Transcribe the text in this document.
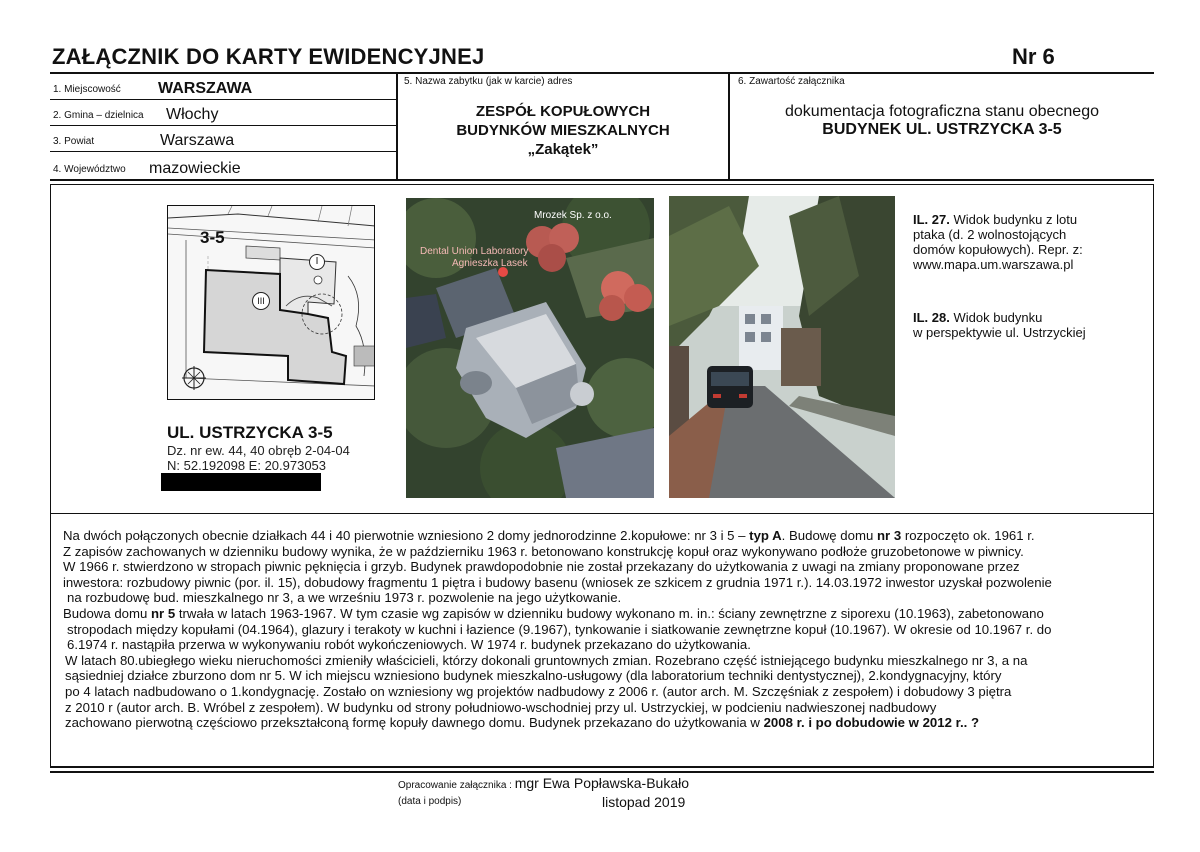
ZAŁĄCZNIK DO KARTY EWIDENCYJNEJ	Nr 6
1. Miejscowość WARSZAWA
2. Gmina – dzielnica Włochy
3. Powiat	Warszawa
4. Województwo mazowieckie
5. Nazwa zabytku (jak w karcie) adres
ZESPÓŁ KOPUŁOWYCH
BUDYNKÓW MIESZKALNYCH
„Zakątek”
6. Zawartość załącznika
dokumentacja fotograficzna stanu obecnego
BUDYNEK UL. USTRZYCKA 3-5
3-5
I
III
UL. USTRZYCKA 3-5
Dz. nr ew. 44, 40 obręb 2-04-04
N: 52.192098 E: 20.973053
Mrozek Sp. z o.o.
Dental Union Laboratory
Agnieszka Lasek
IL. 27. Widok budynku z lotu
ptaka (d. 2 wolnostojących
domów kopułowych). Repr. z:
www.mapa.um.warszawa.pl
IL. 28. Widok budynku
w perspektywie ul. Ustrzyckiej

Na dwóch połączonych obecnie działkach 44 i 40 pierwotnie wzniesiono 2 domy jednorodzinne 2.kopułowe: nr 3 i 5 – typ A. Budowę domu nr 3 rozpoczęto ok. 1961 r.

Z zapisów zachowanych w dzienniku budowy wynika, że w październiku 1963 r. betonowano konstrukcję kopuł oraz wykonywano podłoże gruzobetonowe w piwnicy.

W 1966 r. stwierdzono w stropach piwnic pęknięcia i grzyb. Budynek prawdopodobnie nie został przekazany do użytkowania z uwagi na zmiany proponowane przez

inwestora: rozbudowy piwnic (por. il. 15), dobudowy fragmentu 1 piętra i budowy basenu (wniosek ze szkicem z grudnia 1971 r.). 14.03.1972 inwestor uzyskał pozwolenie

na rozbudowę bud. mieszkalnego nr 3, a we wrześniu 1973 r. pozwolenie na jego użytkowanie.

Budowa domu nr 5 trwała w latach 1963-1967. W tym czasie wg zapisów w dzienniku budowy wykonano m. in.: ściany zewnętrzne z siporexu (10.1963), zabetonowano

stropodach między kopułami (04.1964), glazury i terakoty w kuchni i łazience (9.1967), tynkowanie i siatkowanie zewnętrzne kopuł (10.1967). W okresie od 10.1967 r. do

6.1974 r. nastąpiła przerwa w wykonywaniu robót wykończeniowych. W 1974 r. budynek przekazano do użytkowania.

W latach 80.ubiegłego wieku nieruchomości zmieniły właścicieli, którzy dokonali gruntownych zmian. Rozebrano część istniejącego budynku mieszkalnego nr 3, a na

sąsiedniej działce zburzono dom nr 5. W ich miejscu wzniesiono budynek mieszkalno-usługowy (dla laboratorium techniki dentystycznej), 2.kondygnacyjny, który

po 4 latach nadbudowano o 1.kondygnację. Zostało on wzniesiony wg projektów nadbudowy z 2006 r. (autor arch. M. Szczęśniak z zespołem) i dobudowy 3 piętra

z 2010 r (autor arch. B. Wróbel z zespołem). W budynku od strony południowo-wschodniej przy ul. Ustrzyckiej, w podcieniu nadwieszonej nadbudowy

zachowano pierwotną częściowo przekształconą formę kopuły dawnego domu. Budynek przekazano do użytkowania w 2008 r. i po dobudowie w 2012 r.. ?

Opracowanie załącznika : mgr Ewa Popławska-Bukało
(data i podpis)	listopad 2019
